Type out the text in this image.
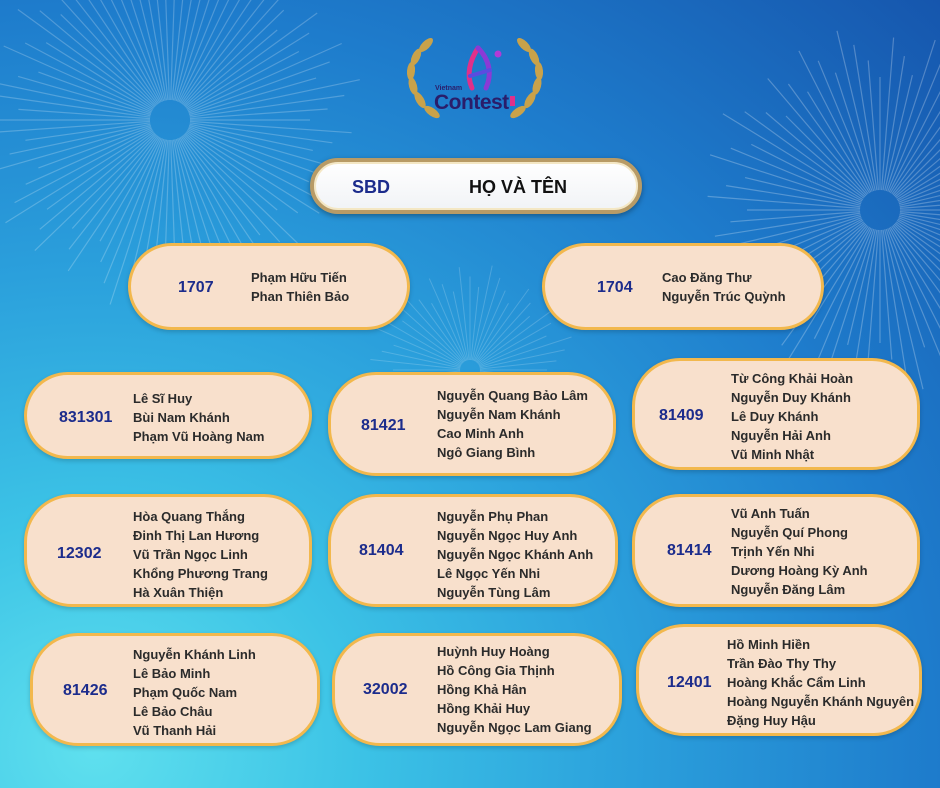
Vietnam
Contest
SBD	HỌ VÀ TÊN
1707
Phạm Hữu Tiến
Phan Thiên Bảo
1704
Cao Đăng Thư
Nguyễn Trúc Quỳnh
831301
Lê Sĩ Huy
Bùi Nam Khánh
Phạm Vũ Hoàng Nam
81421
Nguyễn Quang Bảo Lâm
Nguyễn Nam Khánh
Cao Minh Anh
Ngô Giang Bình
81409
Từ Công Khải Hoàn
Nguyễn Duy Khánh
Lê Duy Khánh
Nguyễn Hải Anh
Vũ Minh Nhật
12302
Hòa Quang Thắng
Đinh Thị Lan Hương
Vũ Trần Ngọc Linh
Khổng Phương Trang
Hà Xuân Thiện
81404
Nguyễn Phụ Phan
Nguyễn Ngọc Huy Anh
Nguyễn Ngọc Khánh Anh
Lê Ngọc Yến Nhi
Nguyễn Tùng Lâm
81414
Vũ Anh Tuấn
Nguyễn Quí Phong
Trịnh Yến Nhi
Dương Hoàng Kỳ Anh
Nguyễn Đăng Lâm
81426
Nguyễn Khánh Linh
Lê Bảo Minh
Phạm Quốc Nam
Lê Bảo Châu
Vũ Thanh Hải
32002
Huỳnh Huy Hoàng
Hồ Công Gia Thịnh
Hồng Khả Hân
Hồng Khải Huy
Nguyễn Ngọc Lam Giang
12401
Hồ Minh Hiền
Trần Đào Thy Thy
Hoàng Khắc Cẩm Linh
Hoàng Nguyễn Khánh Nguyên
Đặng Huy Hậu
